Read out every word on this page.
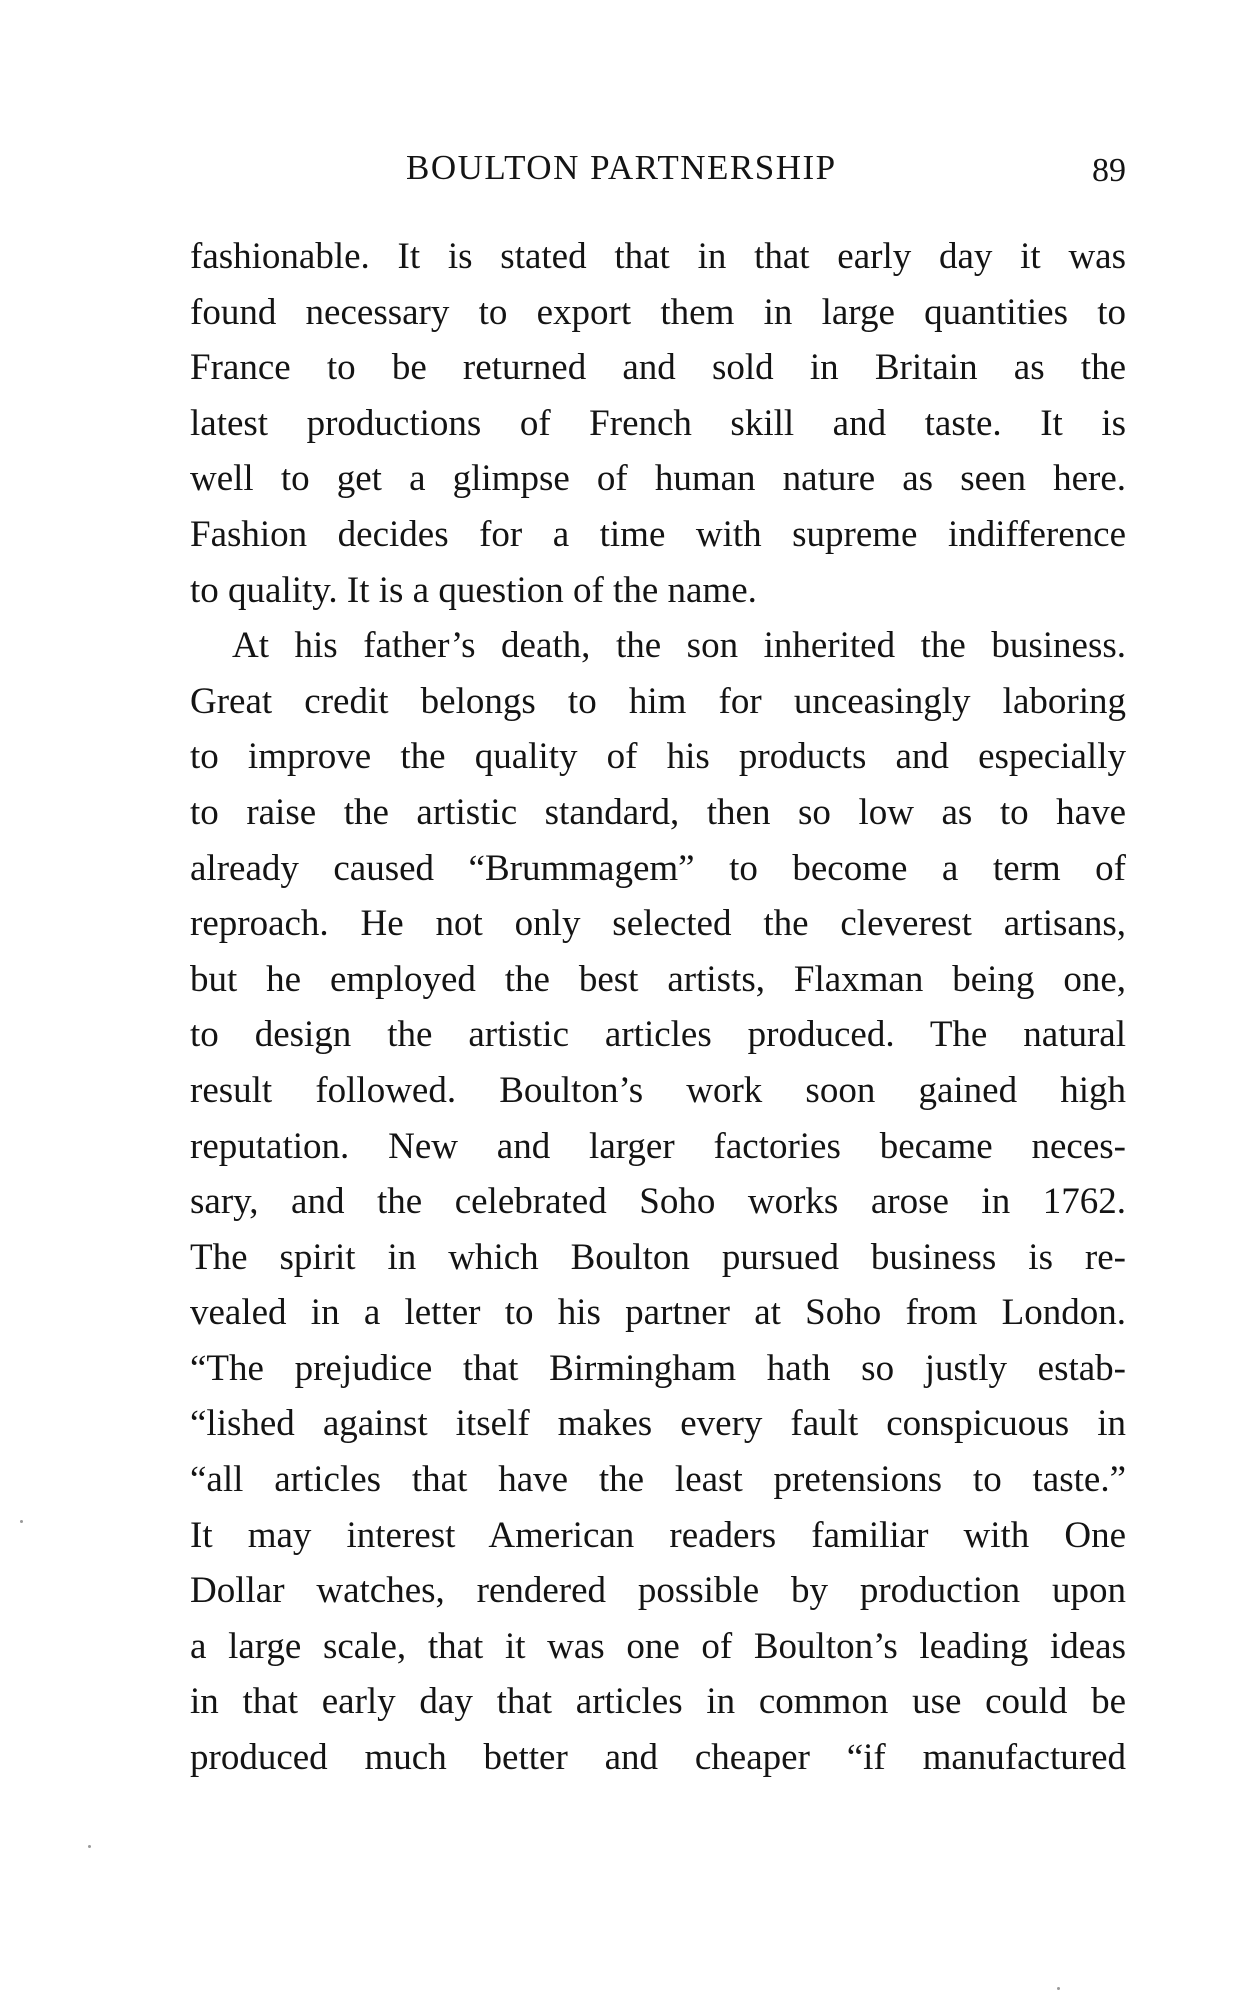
BOULTON PARTNERSHIP	89
fashionable. It is stated that in that early day it was
found necessary to export them in large quantities to
France to be returned and sold in Britain as the
latest productions of French skill and taste. It is
well to get a glimpse of human nature as seen here.
Fashion decides for a time with supreme indifference
to quality. It is a question of the name.
At his father’s death, the son inherited the business.
Great credit belongs to him for unceasingly laboring
to improve the quality of his products and especially
to raise the artistic standard, then so low as to have
already caused “Brummagem” to become a term of
reproach. He not only selected the cleverest artisans,
but he employed the best artists, Flaxman being one,
to design the artistic articles produced. The natural
result followed. Boulton’s work soon gained high
reputation. New and larger factories became neces-
sary, and the celebrated Soho works arose in 1762.
The spirit in which Boulton pursued business is re-
vealed in a letter to his partner at Soho from London.
“The prejudice that Birmingham hath so justly estab-
“lished against itself makes every fault conspicuous in
“all articles that have the least pretensions to taste.”
It may interest American readers familiar with One
Dollar watches, rendered possible by production upon
a large scale, that it was one of Boulton’s leading ideas
in that early day that articles in common use could be
produced much better and cheaper “if manufactured
